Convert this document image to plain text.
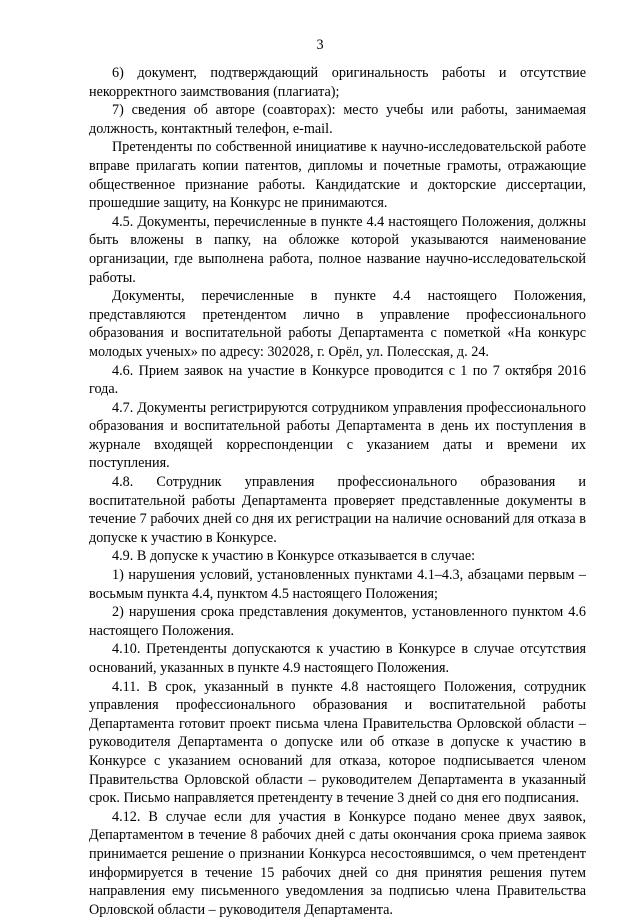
3

6) документ, подтверждающий оригинальность работы и отсутствие некорректного заимствования (плагиата);

7) сведения об авторе (соавторах): место учебы или работы, занимаемая должность, контактный телефон, e-mail.

Претенденты по собственной инициативе к научно-исследовательской работе вправе прилагать копии патентов, дипломы и почетные грамоты, отражающие общественное признание работы. Кандидатские и докторские диссертации, прошедшие защиту, на Конкурс не принимаются.

4.5. Документы, перечисленные в пункте 4.4 настоящего Положения, должны быть вложены в папку, на обложке которой указываются наименование организации, где выполнена работа, полное название научно-исследовательской работы.

Документы, перечисленные в пункте 4.4 настоящего Положения, представляются претендентом лично в управление профессионального образования и воспитательной работы Департамента с пометкой «На конкурс молодых ученых» по адресу: 302028, г. Орёл, ул. Полесская, д. 24.

4.6. Прием заявок на участие в Конкурсе проводится с 1 по 7 октября 2016 года.

4.7. Документы регистрируются сотрудником управления профессионального образования и воспитательной работы Департамента в день их поступления в журнале входящей корреспонденции с указанием даты и времени их поступления.

4.8. Сотрудник управления профессионального образования и воспитательной работы Департамента проверяет представленные документы в течение 7 рабочих дней со дня их регистрации на наличие оснований для отказа в допуске к участию в Конкурсе.

4.9. В допуске к участию в Конкурсе отказывается в случае:

1) нарушения условий, установленных пунктами 4.1–4.3, абзацами первым – восьмым пункта 4.4, пунктом 4.5 настоящего Положения;

2) нарушения срока представления документов, установленного пунктом 4.6 настоящего Положения.

4.10. Претенденты допускаются к участию в Конкурсе в случае отсутствия оснований, указанных в пункте 4.9 настоящего Положения.

4.11. В срок, указанный в пункте 4.8 настоящего Положения, сотрудник управления профессионального образования и воспитательной работы Департамента готовит проект письма члена Правительства Орловской области – руководителя Департамента о допуске или об отказе в допуске к участию в Конкурсе с указанием оснований для отказа, которое подписывается членом Правительства Орловской области – руководителем Департамента в указанный срок. Письмо направляется претенденту в течение 3 дней со дня его подписания.

4.12. В случае если для участия в Конкурсе подано менее двух заявок, Департаментом в течение 8 рабочих дней с даты окончания срока приема заявок принимается решение о признании Конкурса несостоявшимся, о чем претендент информируется в течение 15 рабочих дней со дня принятия решения путем направления ему письменного уведомления за подписью члена Правительства Орловской области – руководителя Департамента.
